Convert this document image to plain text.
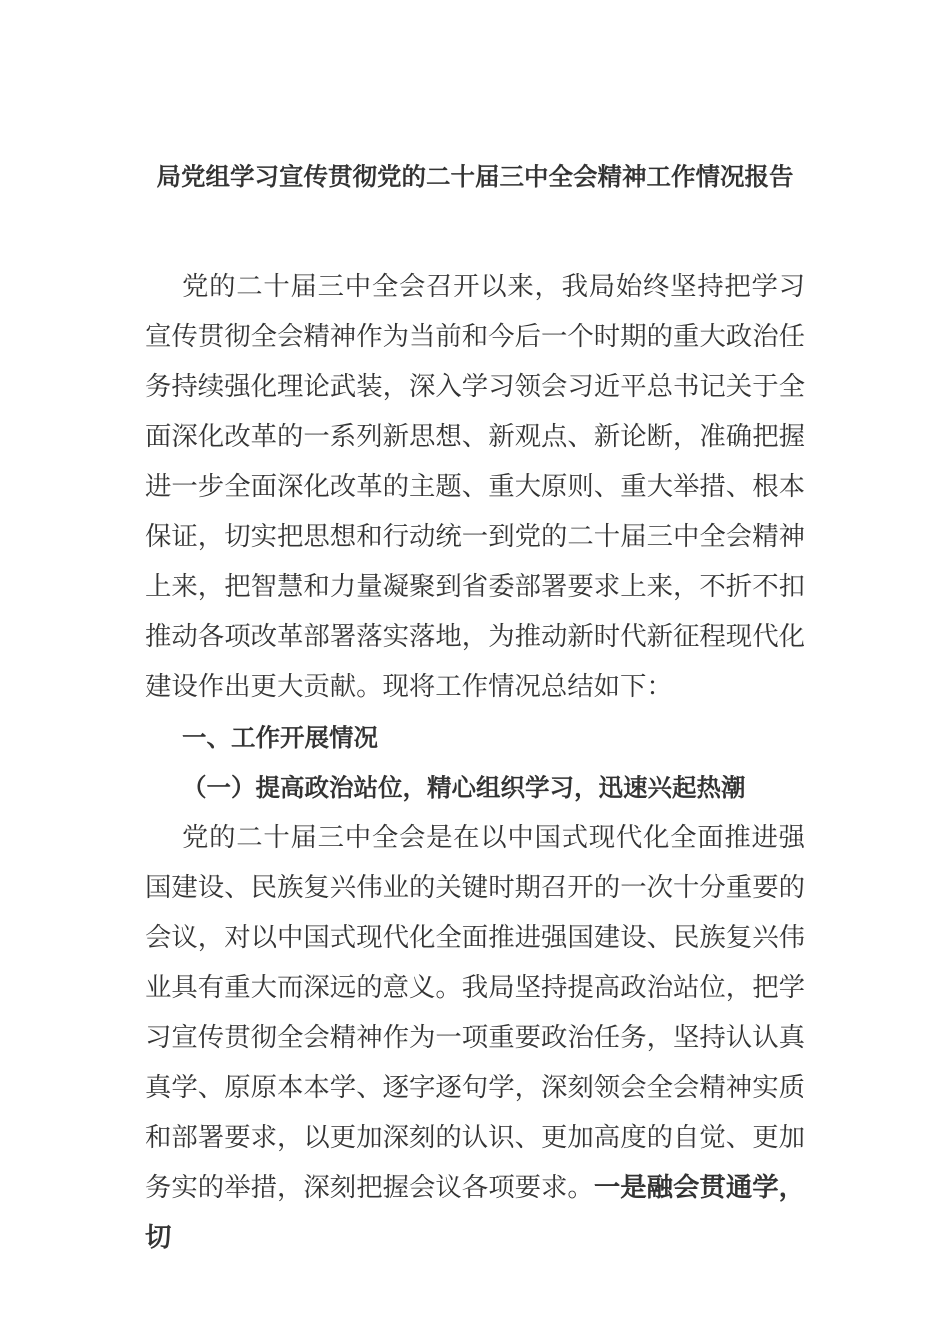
局党组学习宣传贯彻党的二十届三中全会精神工作情况报告
党的二十届三中全会召开以来，我局始终坚持把学习宣传贯彻全会精神作为当前和今后一个时期的重大政治任务持续强化理论武装，深入学习领会习近平总书记关于全面深化改革的一系列新思想、新观点、新论断，准确把握进一步全面深化改革的主题、重大原则、重大举措、根本保证，切实把思想和行动统一到党的二十届三中全会精神上来，把智慧和力量凝聚到省委部署要求上来，不折不扣推动各项改革部署落实落地，为推动新时代新征程现代化建设作出更大贡献。现将工作情况总结如下：
一、工作开展情况
（一）提高政治站位，精心组织学习，迅速兴起热潮
党的二十届三中全会是在以中国式现代化全面推进强国建设、民族复兴伟业的关键时期召开的一次十分重要的会议，对以中国式现代化全面推进强国建设、民族复兴伟业具有重大而深远的意义。我局坚持提高政治站位，把学习宣传贯彻全会精神作为一项重要政治任务，坚持认认真真学、原原本本学、逐字逐句学，深刻领会全会精神实质和部署要求，以更加深刻的认识、更加高度的自觉、更加务实的举措，深刻把握会议各项要求。一是融会贯通学，切
